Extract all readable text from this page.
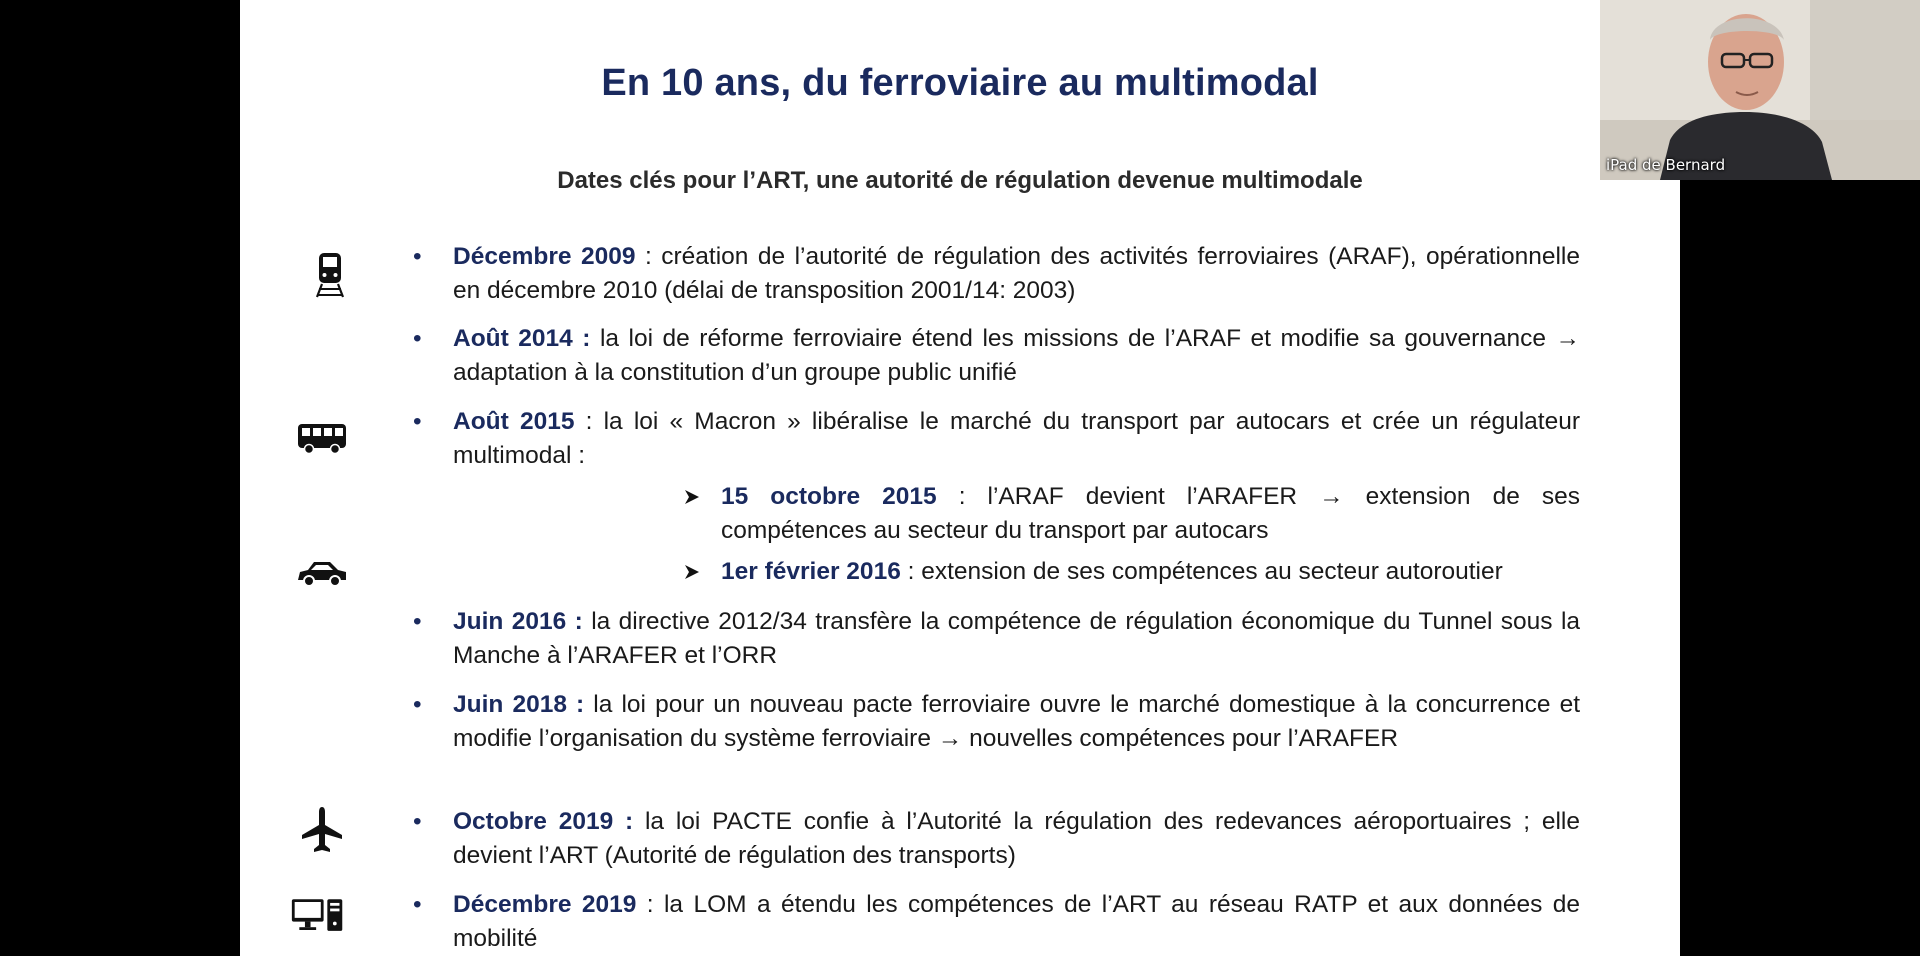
En 10 ans, du ferroviaire au multimodal
Dates clés pour l’ART, une autorité de régulation devenue multimodale
• Décembre 2009 : création de l’autorité de régulation des activités ferroviaires (ARAF), opérationnelle en décembre 2010 (délai de transposition 2001/14: 2003)
• Août 2014 : la loi de réforme ferroviaire étend les missions de l’ARAF et modifie sa gouvernance → adaptation à la constitution d’un groupe public unifié
• Août 2015 : la loi « Macron » libéralise le marché du transport par autocars et crée un régulateur multimodal :
15 octobre 2015 : l’ARAF devient l’ARAFER → extension de ses compétences au secteur du transport par autocars
1er février 2016 : extension de ses compétences au secteur autoroutier
• Juin 2016 : la directive 2012/34 transfère la compétence de régulation économique du Tunnel sous la Manche à l’ARAFER et l’ORR
• Juin 2018 : la loi pour un nouveau pacte ferroviaire ouvre le marché domestique à la concurrence et modifie l’organisation du système ferroviaire → nouvelles compétences pour l’ARAFER
• Octobre 2019 : la loi PACTE confie à l’Autorité la régulation des redevances aéroportuaires ; elle devient l’ART (Autorité de régulation des transports)
• Décembre 2019 : la LOM a étendu les compétences de l’ART au réseau RATP et aux données de mobilité
iPad de Bernard
